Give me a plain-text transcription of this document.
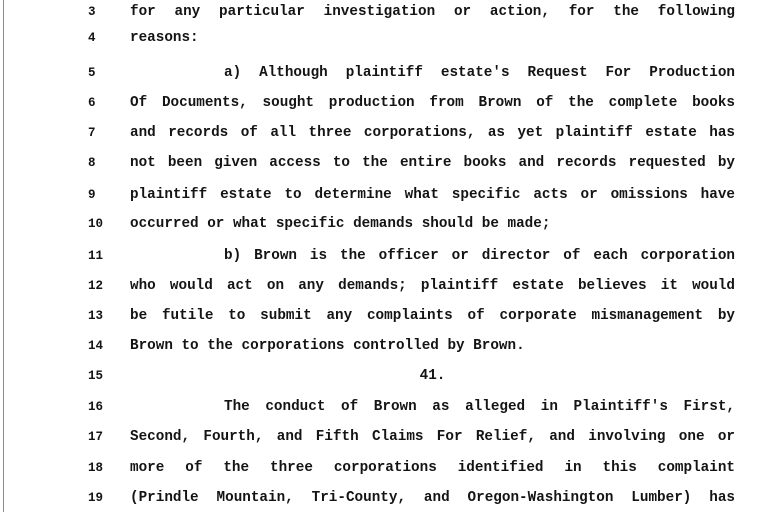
3	for any particular investigation or action, for the following
4	reasons:
5	a) Although plaintiff estate's Request For Production
6	Of Documents, sought production from Brown of the complete books
7	and records of all three corporations, as yet plaintiff estate has
8	not been given access to the entire books and records requested by
9	plaintiff estate to determine what specific acts or omissions have
10	occurred or what specific demands should be made;
11	b) Brown is the officer or director of each corporation
12	who would act on any demands; plaintiff estate believes it would
13	be futile to submit any complaints of corporate mismanagement by
14	Brown to the corporations controlled by Brown.
15	41.
16	The conduct of Brown as alleged in Plaintiff's First,
17	Second, Fourth, and Fifth Claims For Relief, and involving one or
18	more of the three corporations identified in this complaint
19	(Prindle Mountain, Tri-County, and Oregon-Washington Lumber) has
